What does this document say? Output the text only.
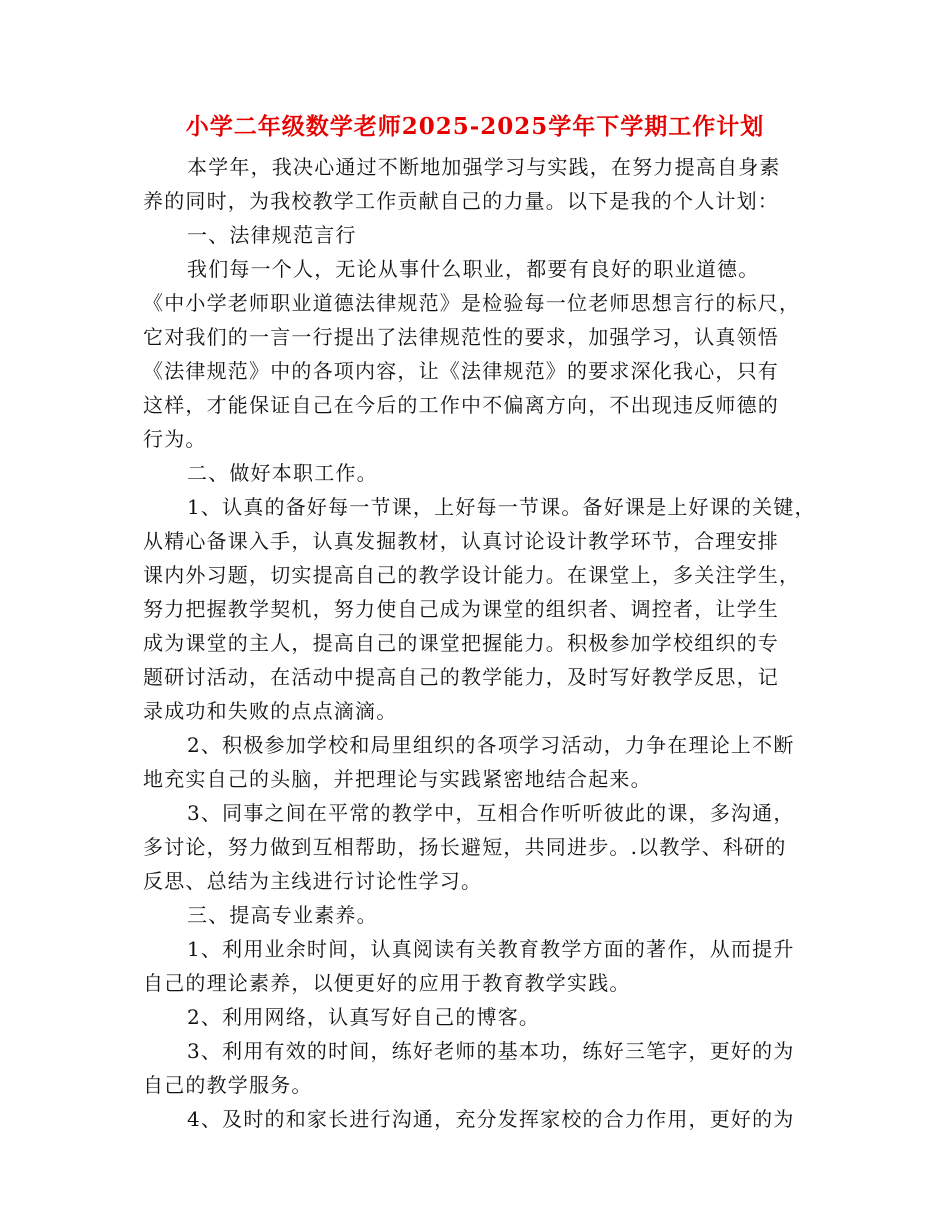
小学二年级数学老师2025-2025学年下学期工作计划
本学年，我决心通过不断地加强学习与实践，在努力提高自身素
养的同时，为我校教学工作贡献自己的力量。以下是我的个人计划：
一、法律规范言行
我们每一个人，无论从事什么职业，都要有良好的职业道德。
《中小学老师职业道德法律规范》是检验每一位老师思想言行的标尺，
它对我们的一言一行提出了法律规范性的要求，加强学习，认真领悟
《法律规范》中的各项内容，让《法律规范》的要求深化我心，只有
这样，才能保证自己在今后的工作中不偏离方向，不出现违反师德的
行为。
二、做好本职工作。
1、认真的备好每一节课，上好每一节课。备好课是上好课的关键，
从精心备课入手，认真发掘教材，认真讨论设计教学环节，合理安排
课内外习题，切实提高自己的教学设计能力。在课堂上，多关注学生，
努力把握教学契机，努力使自己成为课堂的组织者、调控者，让学生
成为课堂的主人，提高自己的课堂把握能力。积极参加学校组织的专
题研讨活动，在活动中提高自己的教学能力，及时写好教学反思，记
录成功和失败的点点滴滴。
2、积极参加学校和局里组织的各项学习活动，力争在理论上不断
地充实自己的头脑，并把理论与实践紧密地结合起来。
3、同事之间在平常的教学中，互相合作听听彼此的课，多沟通，
多讨论，努力做到互相帮助，扬长避短，共同进步。.以教学、科研的
反思、总结为主线进行讨论性学习。
三、提高专业素养。
1、利用业余时间，认真阅读有关教育教学方面的著作，从而提升
自己的理论素养，以便更好的应用于教育教学实践。
2、利用网络，认真写好自己的博客。
3、利用有效的时间，练好老师的基本功，练好三笔字，更好的为
自己的教学服务。
4、及时的和家长进行沟通，充分发挥家校的合力作用，更好的为
